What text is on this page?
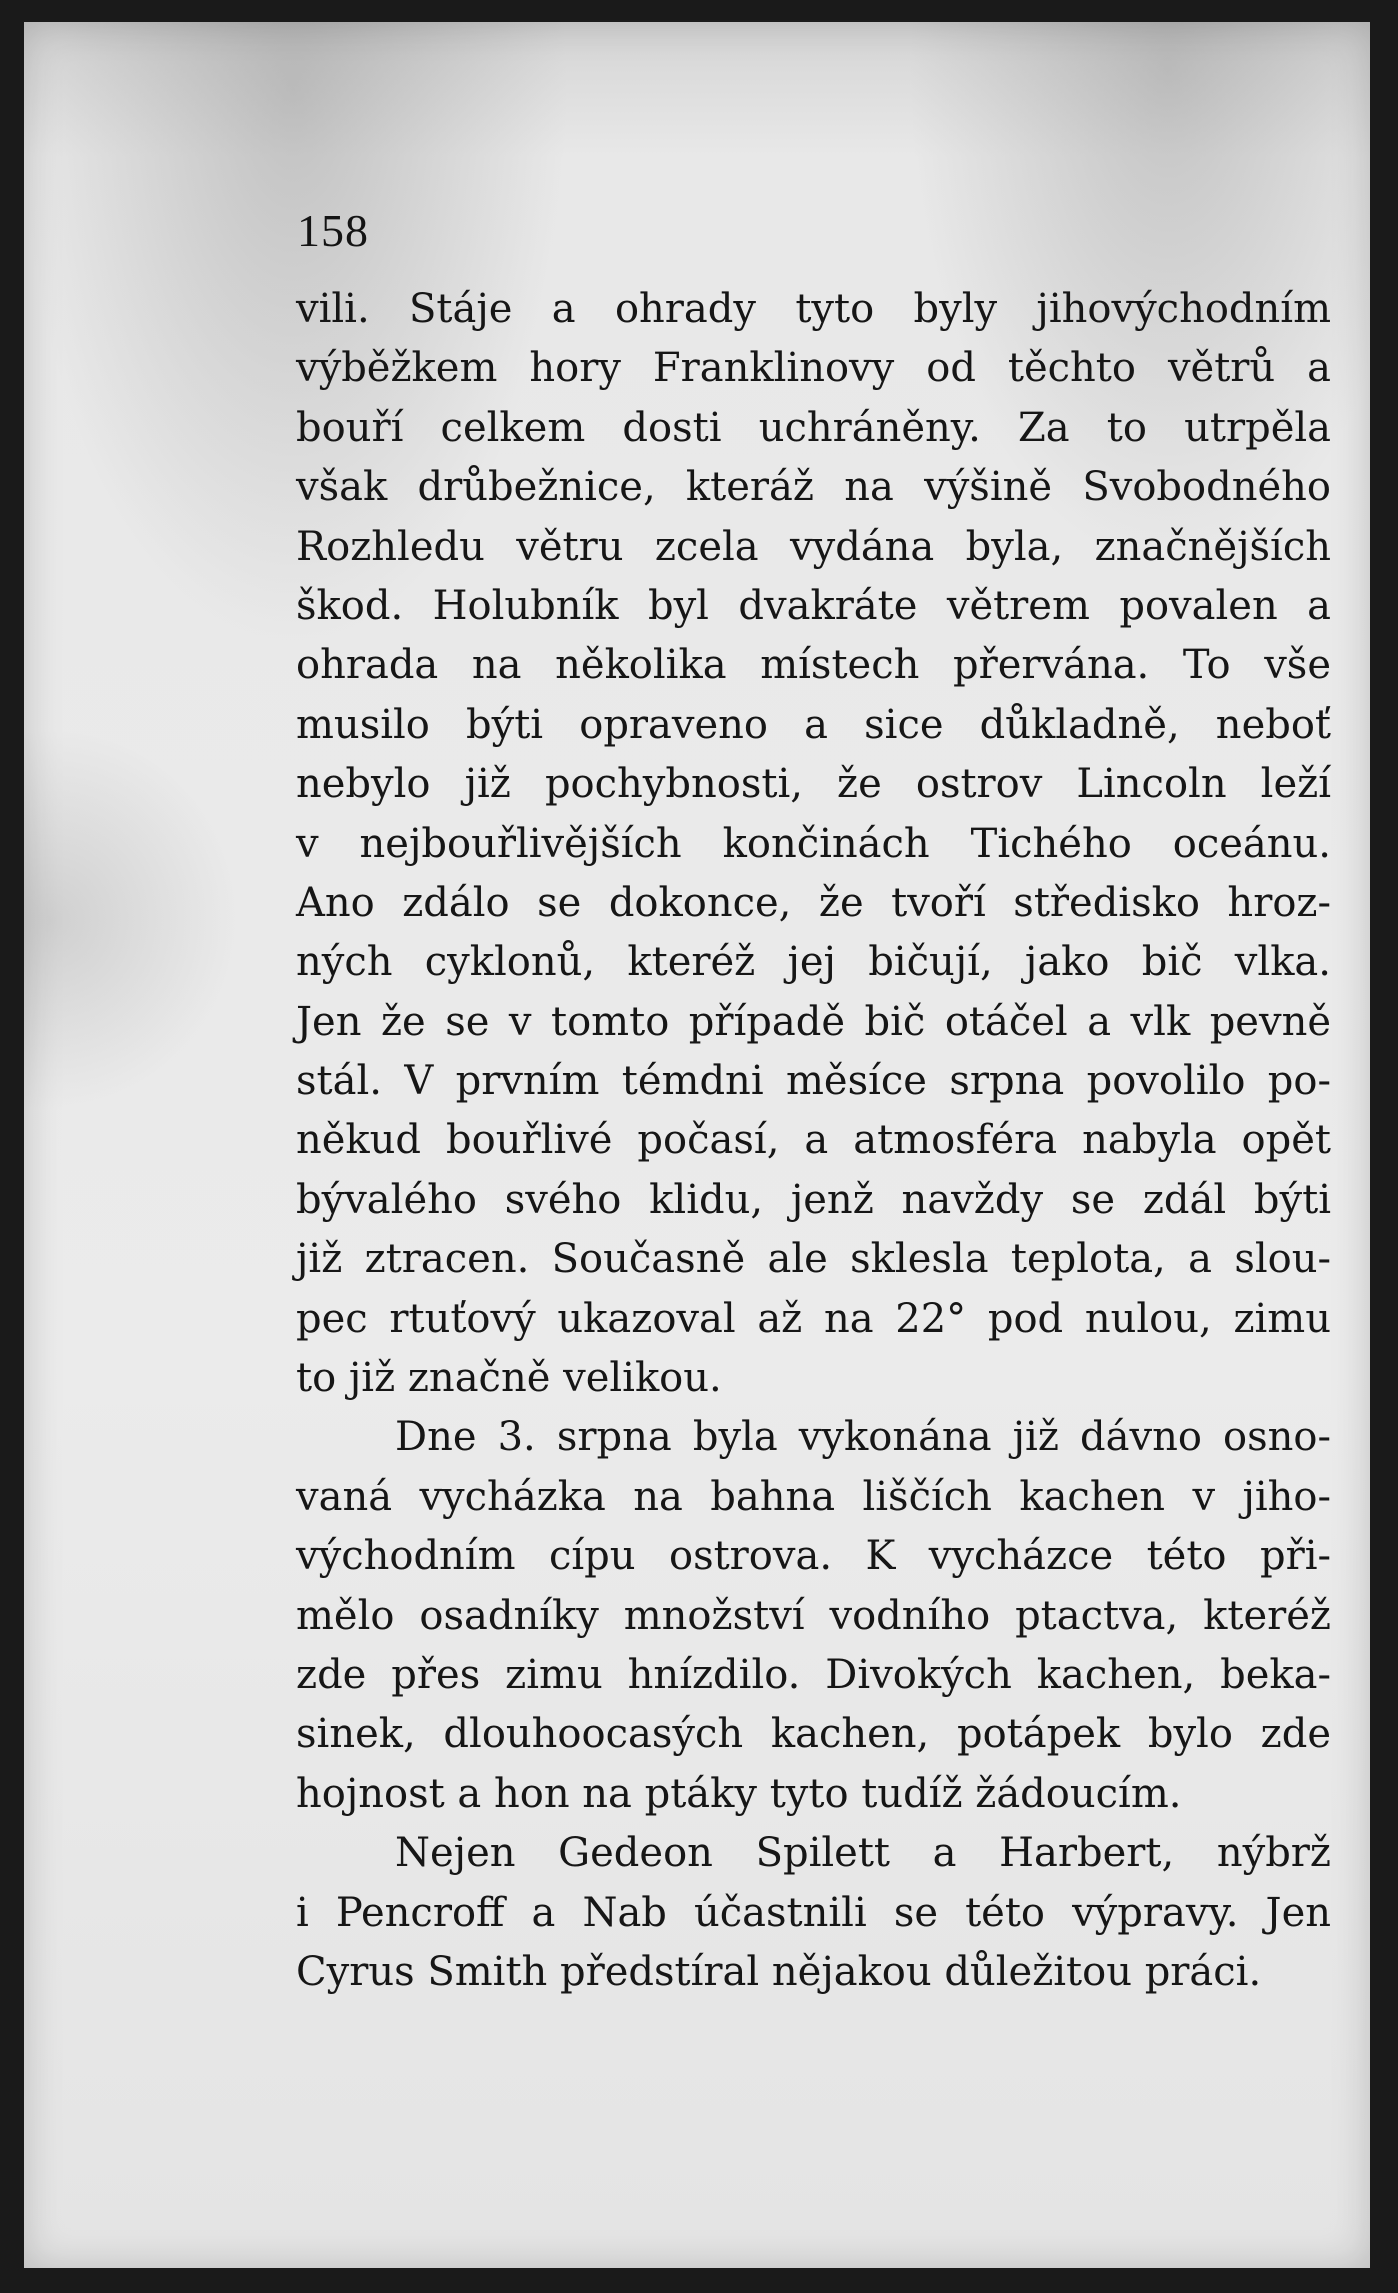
158

vili. Stáje a ohrady tyto byly jihovýchodním
výběžkem hory Franklinovy od těchto větrů a
bouří celkem dosti uchráněny. Za to utrpěla
však drůbežnice, kteráž na výšině Svobodného
Rozhledu větru zcela vydána byla, značnějších
škod. Holubník byl dvakráte větrem povalen a
ohrada na několika místech přervána. To vše
musilo býti opraveno a sice důkladně, neboť
nebylo již pochybnosti, že ostrov Lincoln leží
v nejbouřlivějších končinách Tichého oceánu.
Ano zdálo se dokonce, že tvoří středisko hroz-
ných cyklonů, kteréž jej bičují, jako bič vlka.
Jen že se v tomto případě bič otáčel a vlk pevně
stál. V prvním témdni měsíce srpna povolilo po-
někud bouřlivé počasí, a atmosféra nabyla opět
bývalého svého klidu, jenž navždy se zdál býti
již ztracen. Současně ale sklesla teplota, a slou-
pec rtuťový ukazoval až na 22° pod nulou, zimu
to již značně velikou.
Dne 3. srpna byla vykonána již dávno osno-
vaná vycházka na bahna liščích kachen v jiho-
východním cípu ostrova. K vycházce této při-
mělo osadníky množství vodního ptactva, kteréž
zde přes zimu hnízdilo. Divokých kachen, beka-
sinek, dlouhoocasých kachen, potápek bylo zde
hojnost a hon na ptáky tyto tudíž žádoucím.
Nejen Gedeon Spilett a Harbert, nýbrž
i Pencroff a Nab účastnili se této výpravy. Jen
Cyrus Smith předstíral nějakou důležitou práci.
